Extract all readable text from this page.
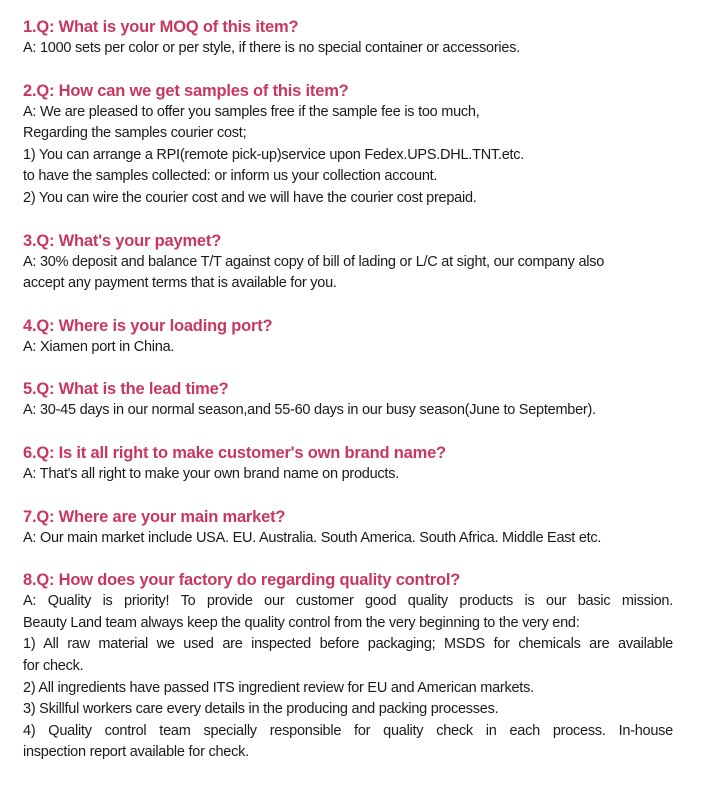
1.Q: What is your MOQ of this item?
A: 1000 sets per color or per style, if there is no special container or accessories.
2.Q: How can we get samples of this item?
A: We are pleased to offer you samples free if the sample fee is too much,
Regarding the samples courier cost;
1) You can arrange a RPI(remote pick-up)service upon Fedex.UPS.DHL.TNT.etc.
to have the samples collected: or inform us your collection account.
2) You can wire the courier cost and we will have the courier cost prepaid.
3.Q: What's your paymet?
A: 30% deposit and balance T/T against copy of bill of lading or L/C at sight, our company also
accept any payment terms that is available for you.
4.Q: Where is your loading port?
A: Xiamen port in China.
5.Q: What is the lead time?
A: 30-45 days in our normal season,and 55-60 days in our busy season(June to September).
6.Q: Is it all right to make customer's own brand name?
A: That's all right to make your own brand name on products.
7.Q: Where are your main market?
A: Our main market include USA. EU. Australia. South America. South Africa. Middle East etc.
8.Q: How does your factory do regarding quality control?
A: Quality is priority! To provide our customer good quality products is our basic mission.
Beauty Land team always keep the quality control from the very beginning to the very end:
1) All raw material we used are inspected before packaging; MSDS for chemicals are available
for check.
2) All ingredients have passed ITS ingredient review for EU and American markets.
3) Skillful workers care every details in the producing and packing processes.
4) Quality control team specially responsible for quality check in each process. In-house
inspection report available for check.
